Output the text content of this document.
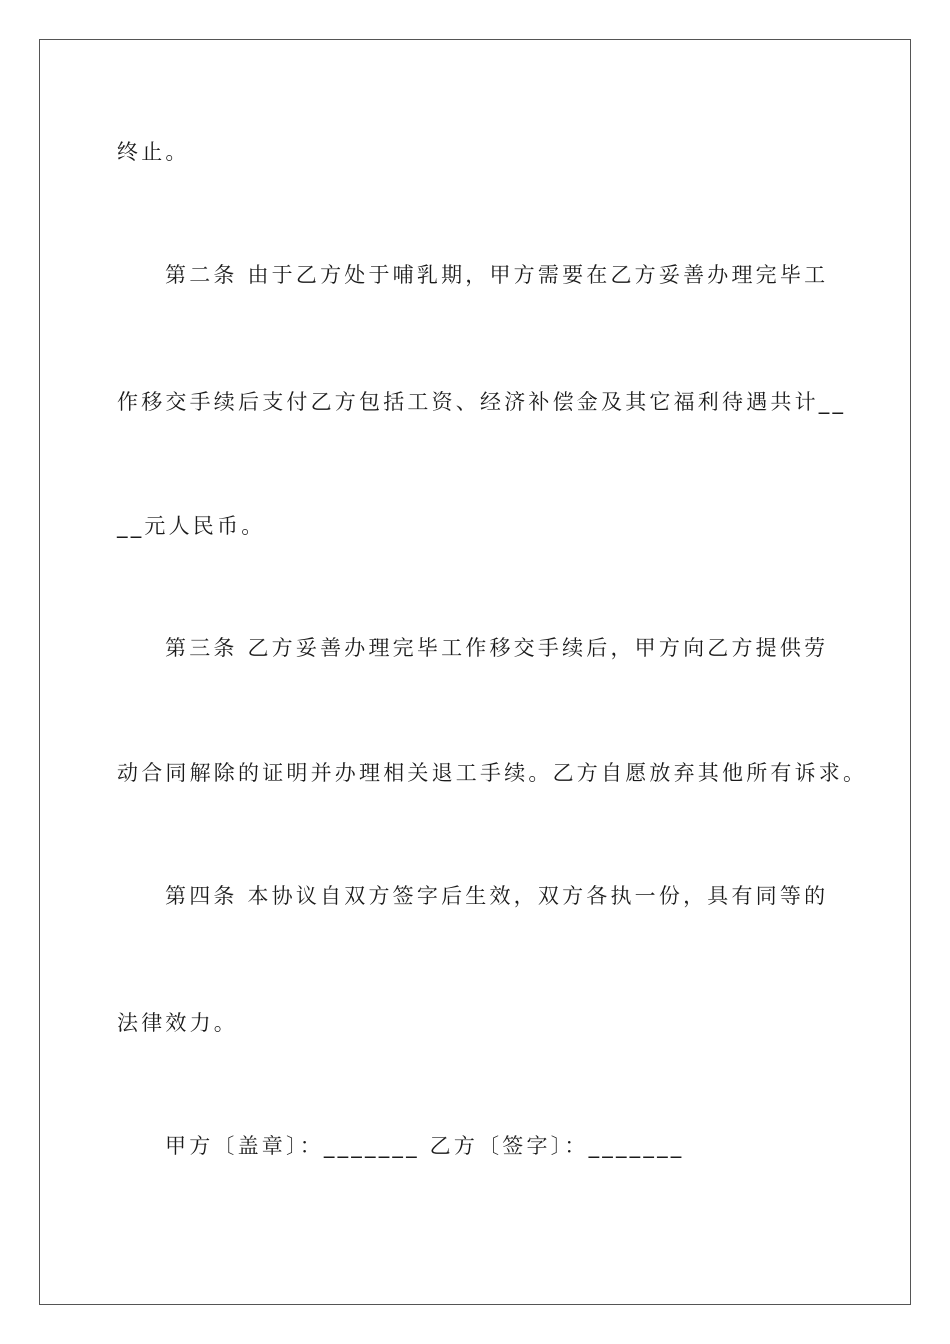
终止。
第二条 由于乙方处于哺乳期，甲方需要在乙方妥善办理完毕工
作移交手续后支付乙方包括工资、经济补偿金及其它福利待遇共计__
__元人民币。
第三条 乙方妥善办理完毕工作移交手续后，甲方向乙方提供劳
动合同解除的证明并办理相关退工手续。乙方自愿放弃其他所有诉求。
第四条 本协议自双方签字后生效，双方各执一份，具有同等的
法律效力。
甲方〔盖章〕：_______ 乙方〔签字〕：_______
